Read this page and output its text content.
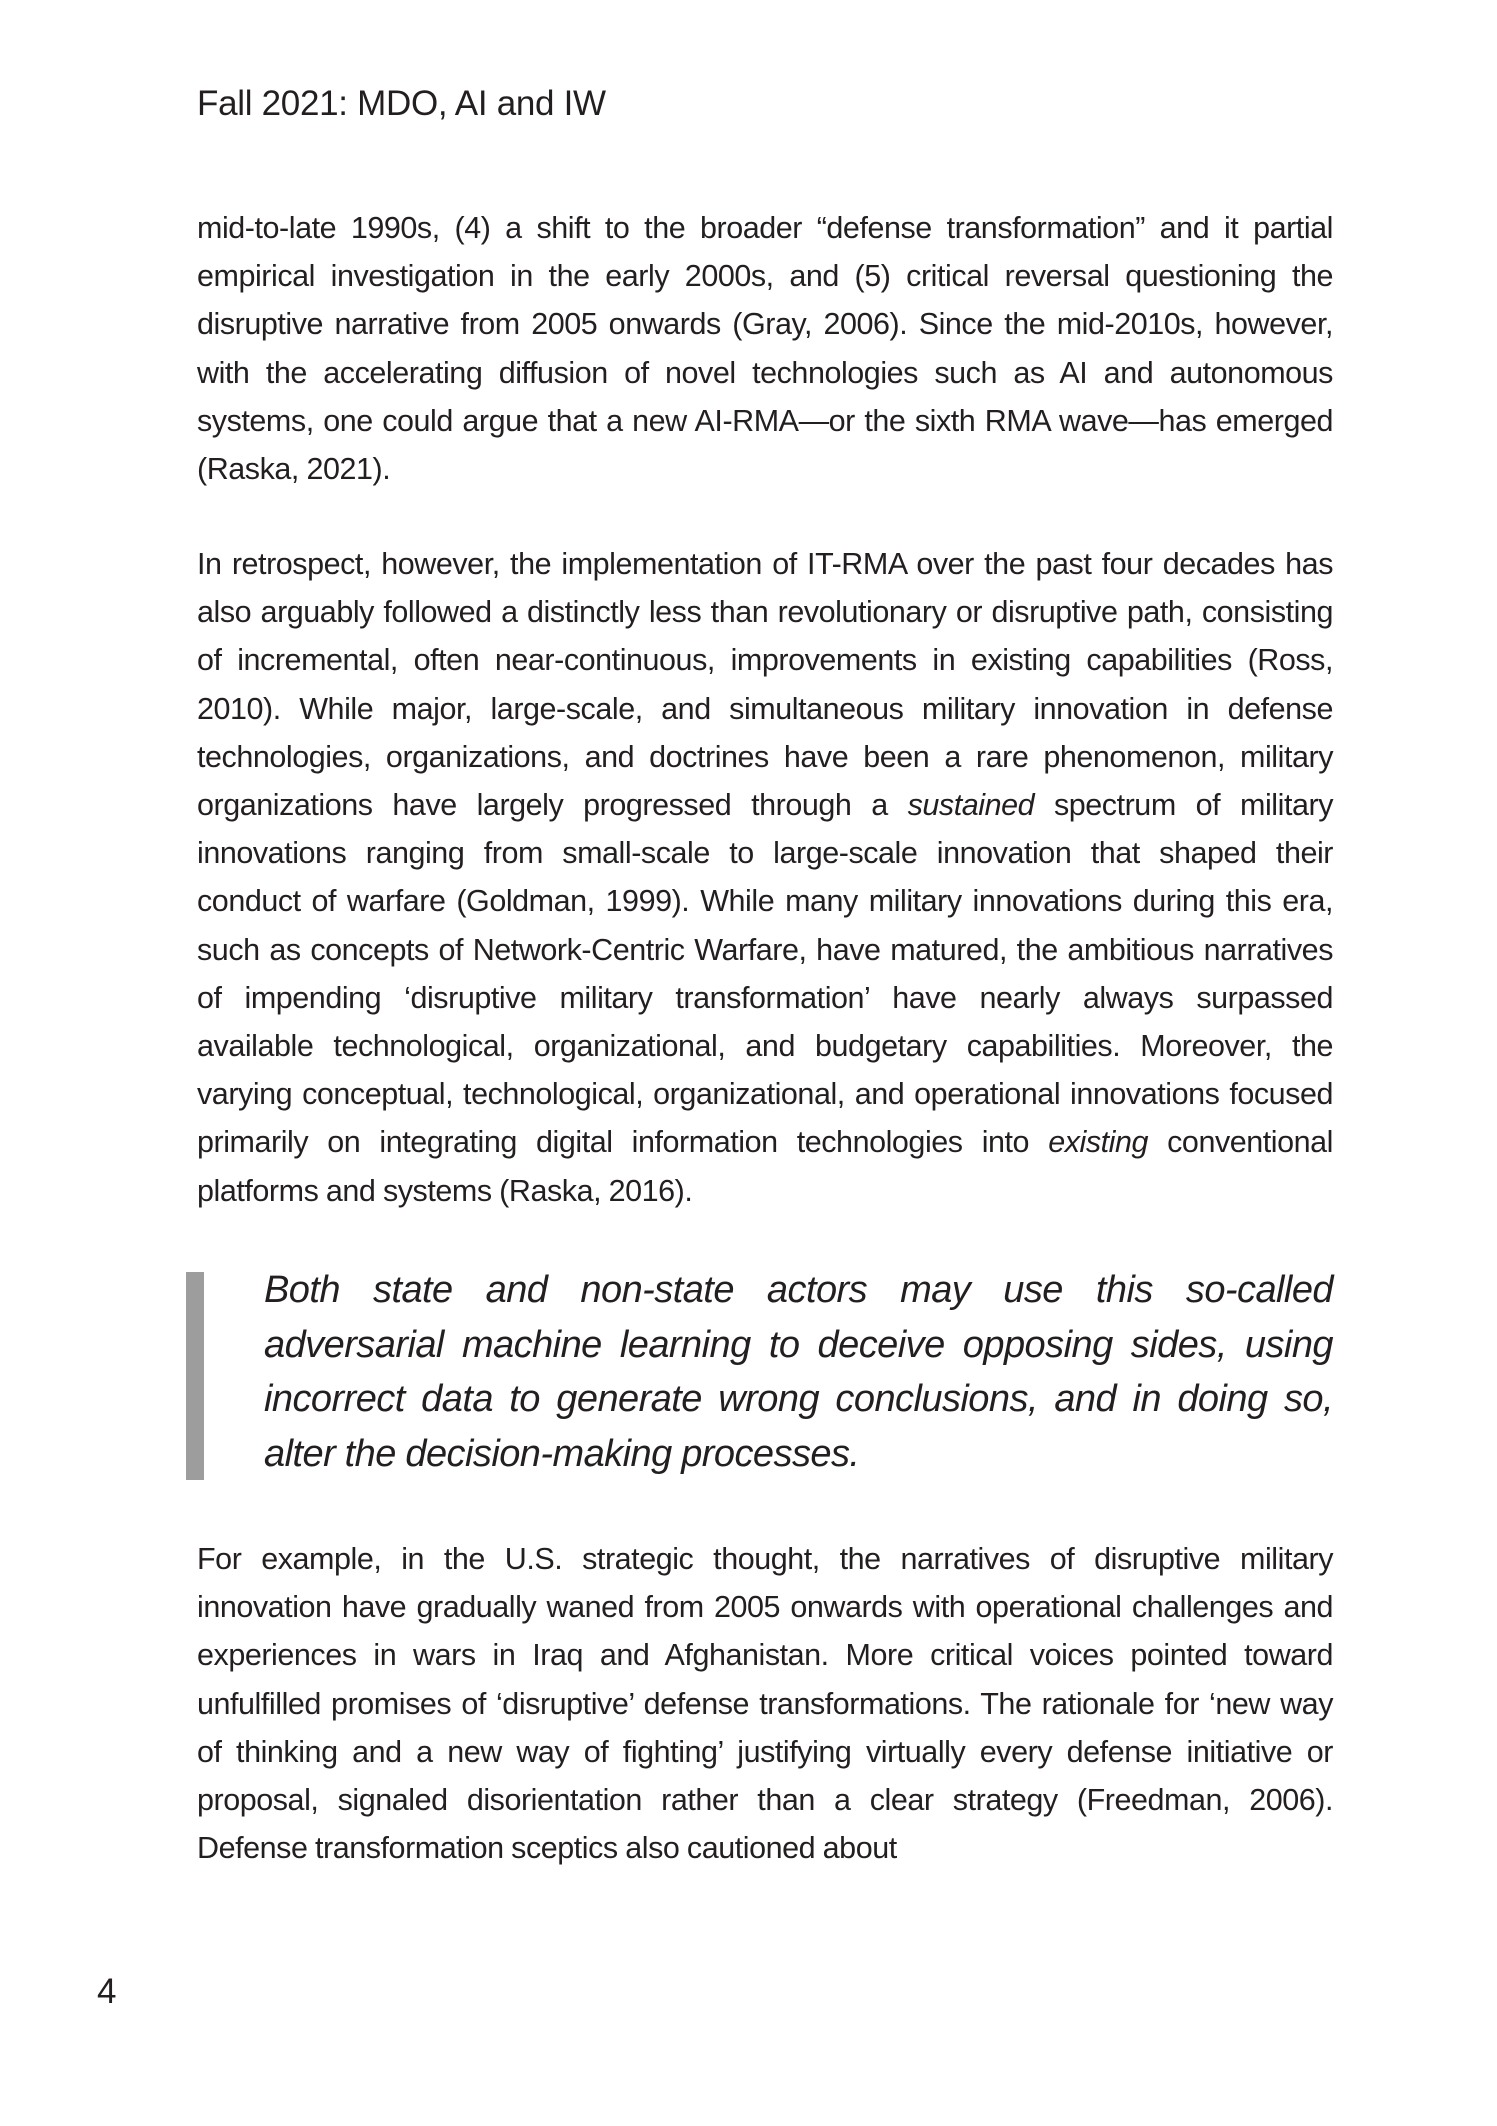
Fall 2021: MDO, AI and IW

mid-to-late 1990s, (4) a shift to the broader “defense transformation” and it partial empirical investigation in the early 2000s, and (5) critical reversal questioning the disruptive narrative from 2005 onwards (Gray, 2006). Since the mid-2010s, however, with the accelerating diffusion of novel technologies such as AI and autonomous systems, one could argue that a new AI-RMA—or the sixth RMA wave—has emerged (Raska, 2021).

In retrospect, however, the implementation of IT-RMA over the past four decades has also arguably followed a distinctly less than revolutionary or disruptive path, consisting of incremental, often near-continuous, improvements in existing capabilities (Ross, 2010). While major, large-scale, and simultaneous military innovation in defense technologies, organizations, and doctrines have been a rare phenomenon, military organizations have largely progressed through a sustained spectrum of military innovations ranging from small-scale to large-scale innovation that shaped their conduct of warfare (Goldman, 1999). While many military innovations during this era, such as concepts of Network-Centric Warfare, have matured, the ambitious narratives of impending ‘disruptive military transformation’ have nearly always surpassed available technological, organizational, and budgetary capabilities. Moreover, the varying conceptual, technological, organizational, and operational innovations focused primarily on integrating digital information technologies into existing conventional platforms and systems (Raska, 2016).

Both state and non-state actors may use this so-called adversarial machine learning to deceive opposing sides, using incorrect data to generate wrong conclusions, and in doing so, alter the decision-making processes.

For example, in the U.S. strategic thought, the narratives of disruptive military innovation have gradually waned from 2005 onwards with operational challenges and experiences in wars in Iraq and Afghanistan. More critical voices pointed toward unfulfilled promises of ‘disruptive’ defense transformations. The rationale for ‘new way of thinking and a new way of fighting’ justifying virtually every defense initiative or proposal, signaled disorientation rather than a clear strategy (Freedman, 2006). Defense transformation sceptics also cautioned about

4
